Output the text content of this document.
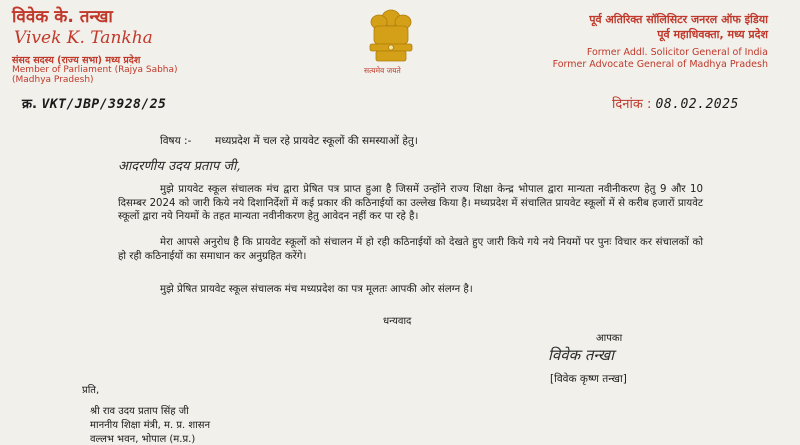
विवेक के. तन्खा
Vivek K. Tankha
संसद सदस्य (राज्य सभा) मध्य प्रदेश
Member of Parliament (Rajya Sabha)
(Madhya Pradesh)
सत्यमेव जयते
पूर्व अतिरिक्त सॉलिसिटर जनरल ऑफ इंडिया
पूर्व महाधिवक्ता, मध्य प्रदेश
Former Addl. Solicitor General of India
Former Advocate General of Madhya Pradesh
क्र. VKT/JBP/3928/25	दिनांक : 08.02.2025
विषय :- मध्यप्रदेश में चल रहे प्रायवेट स्कूलों की समस्याओं हेतु।
आदरणीय उदय प्रताप जी,
मुझे प्रायवेट स्कूल संचालक मंच द्वारा प्रेषित पत्र प्राप्त हुआ है जिसमें उन्होंने राज्य शिक्षा केन्द्र भोपाल द्वारा मान्यता नवीनीकरण हेतु 9 और 10 दिसम्बर 2024 को जारी किये नये दिशानिर्देशों में कई प्रकार की कठिनाईयों का उल्लेख किया है। मध्यप्रदेश में संचालित प्रायवेट स्कूलों में से करीब हजारों प्रायवेट स्कूलों द्वारा नये नियमों के तहत मान्यता नवीनीकरण हेतु आवेदन नहीं कर पा रहे है।
मेरा आपसे अनुरोध है कि प्रायवेट स्कूलों को संचालन में हो रही कठिनाईयों को देखते हुए जारी किये गये नये नियमों पर पुनः विचार कर संचालकों को हो रही कठिनाईयों का समाधान कर अनुग्रहित करेंगे।
मुझे प्रेषित प्रायवेट स्कूल संचालक मंच मध्यप्रदेश का पत्र मूलतः आपकी ओर संलग्न है।
धन्यवाद
आपका
विवेक तन्खा
[विवेक कृष्ण तन्खा]
प्रति,
श्री राव उदय प्रताप सिंह जी
माननीय शिक्षा मंत्री, म. प्र. शासन
वल्लभ भवन, भोपाल (म.प्र.)
